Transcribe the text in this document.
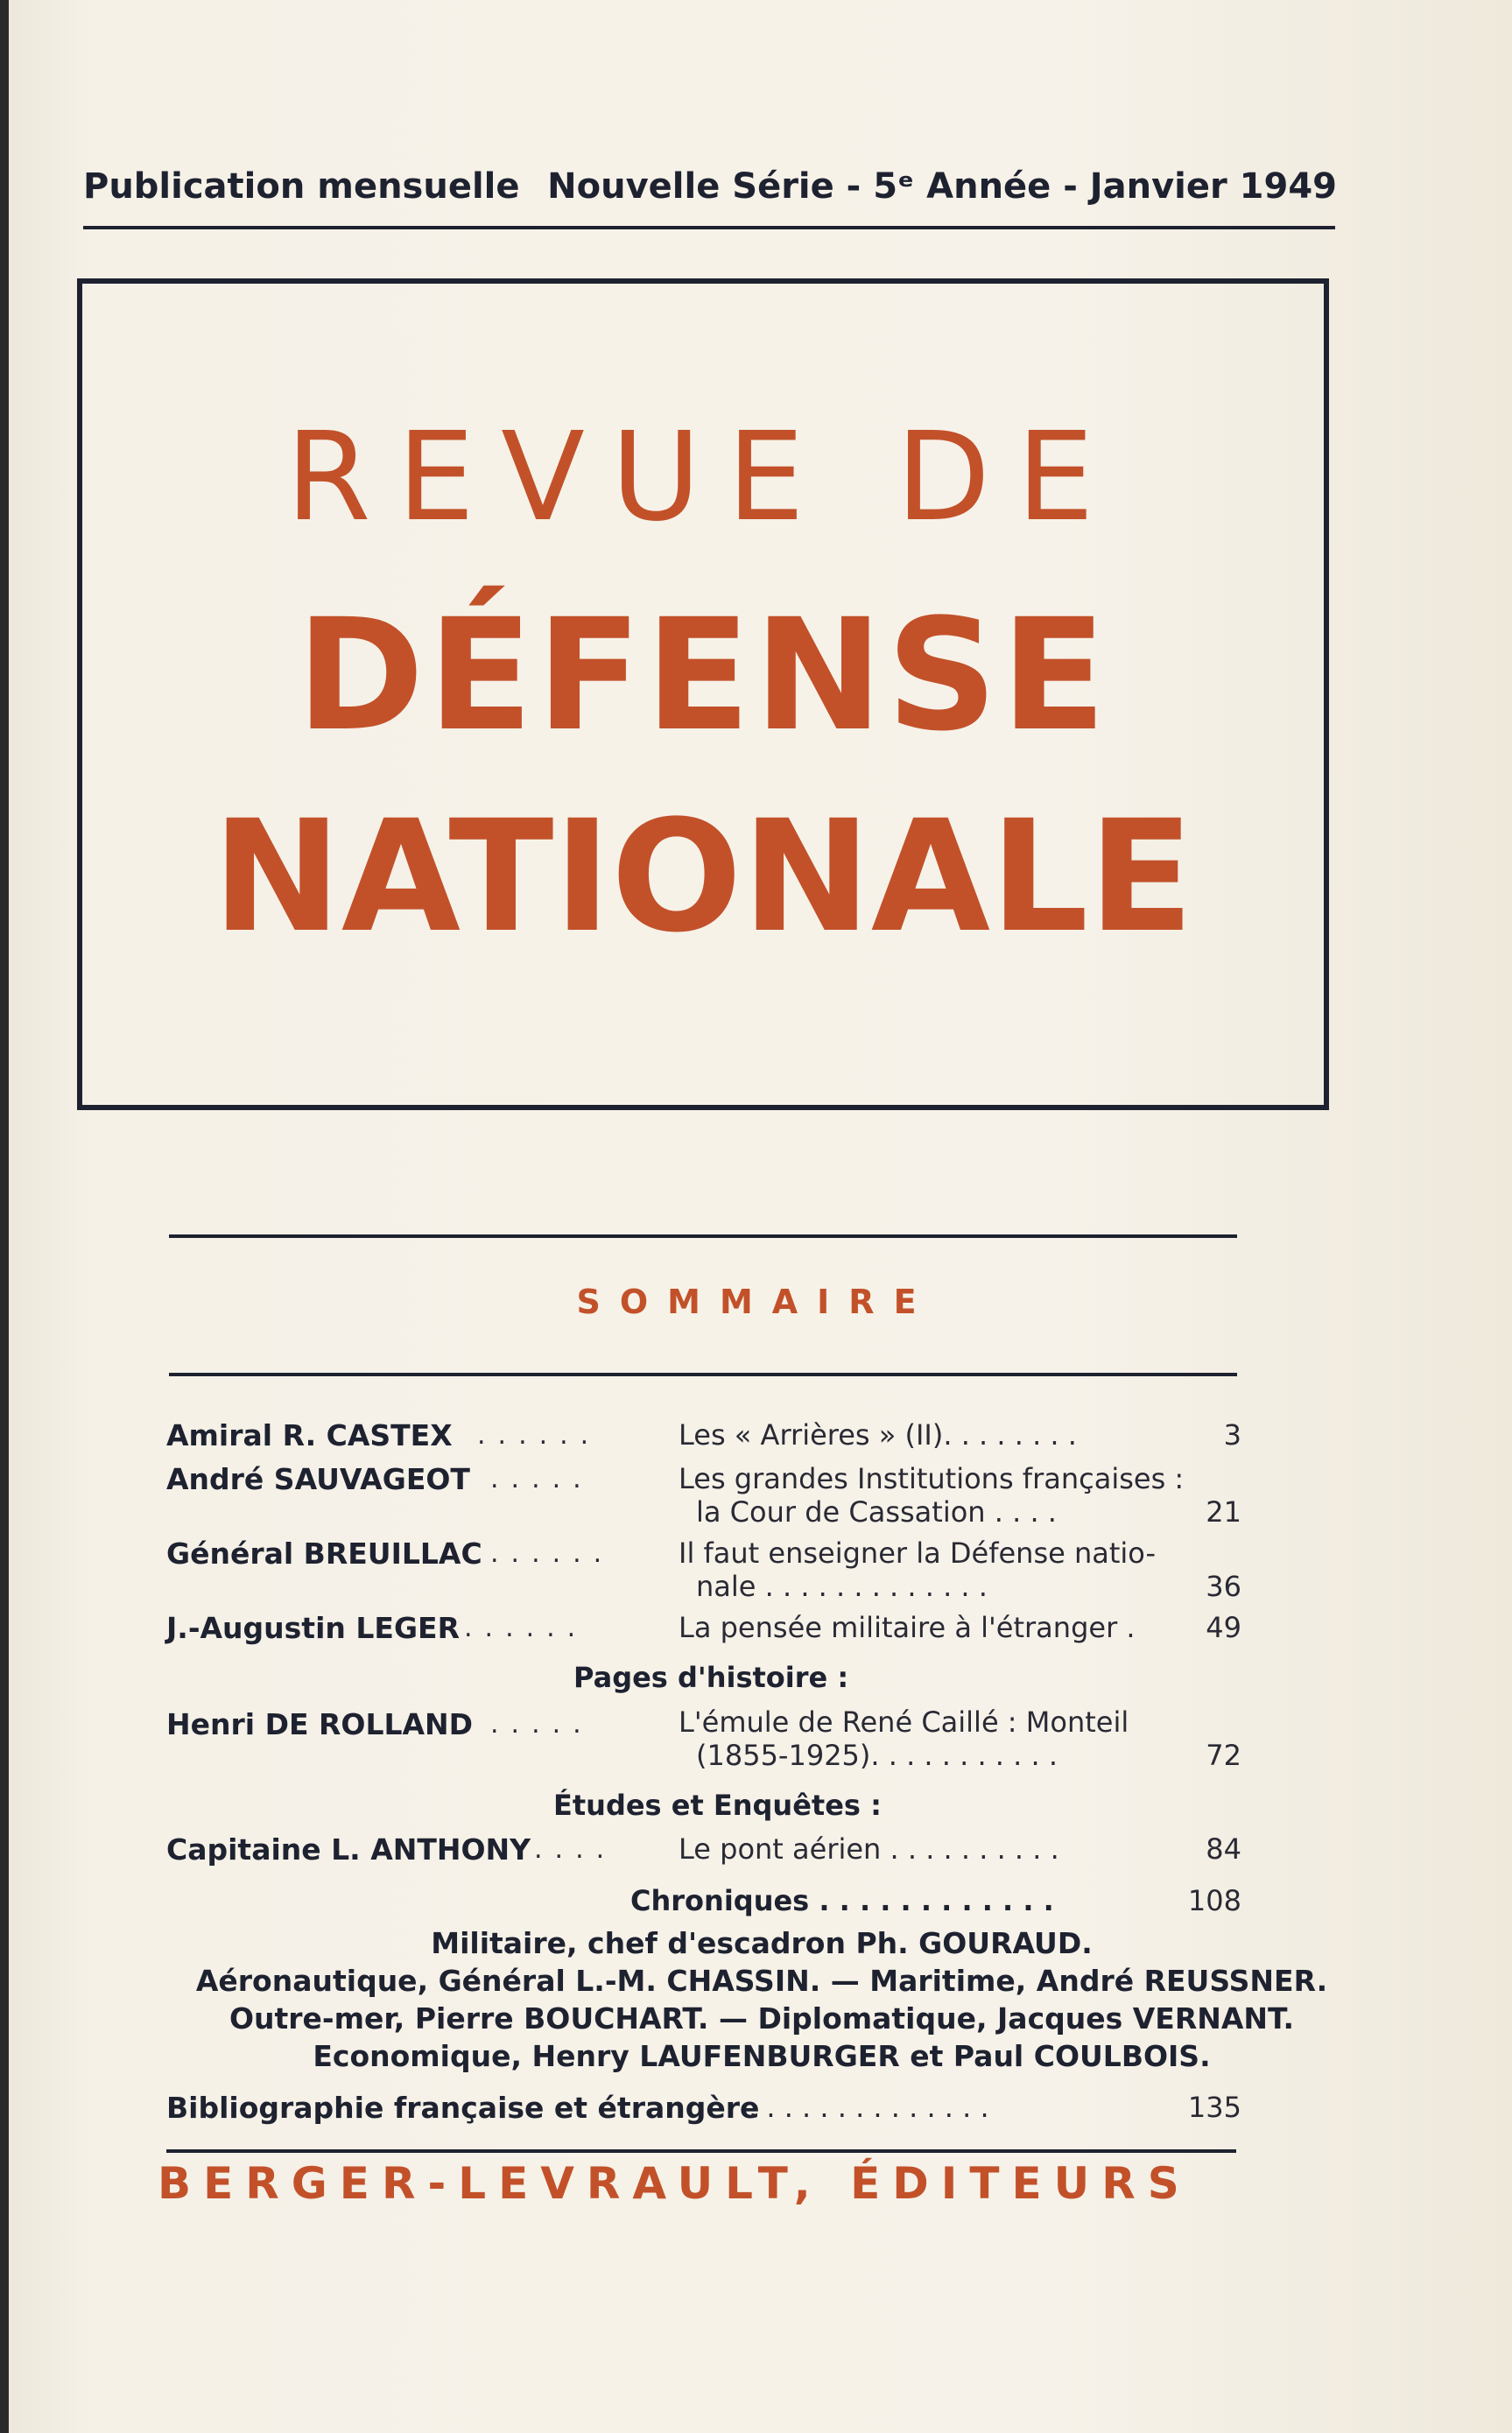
Publication mensuelle Nouvelle Série - 5ᵉ Année - Janvier 1949
REVUE DE
DÉFENSE
NATIONALE
SOMMAIRE
Amiral R. CASTEX ......	Les « Arrières » (II). . . . . . . .	3
André SAUVAGEOT .....	Les grandes Institutions françaises :
la Cour de Cassation . . . .	21
Général BREUILLAC ...... Il faut enseigner la Défense natio-
nale . . . . . . . . . . . . .	36
J.-Augustin LEGER ......	La pensée militaire à l'étranger .	49
Pages d'histoire :
Henri DE ROLLAND .....	L'émule de René Caillé : Monteil
(1855-1925). . . . . . . . . . .	72
Études et Enquêtes :
Capitaine L. ANTHONY .... Le pont aérien . . . . . . . . . .	84
Chroniques . . . . . . . . . . . .	108
Militaire, chef d'escadron Ph. GOURAUD.
Aéronautique, Général L.-M. CHASSIN. — Maritime, André REUSSNER.
Outre-mer, Pierre BOUCHART. — Diplomatique, Jacques VERNANT.
Economique, Henry LAUFENBURGER et Paul COULBOIS.
Bibliographie française et étrangère
. . . . . . . . . . . . . .	135
BERGER-LEVRAULT, ÉDITEURS
